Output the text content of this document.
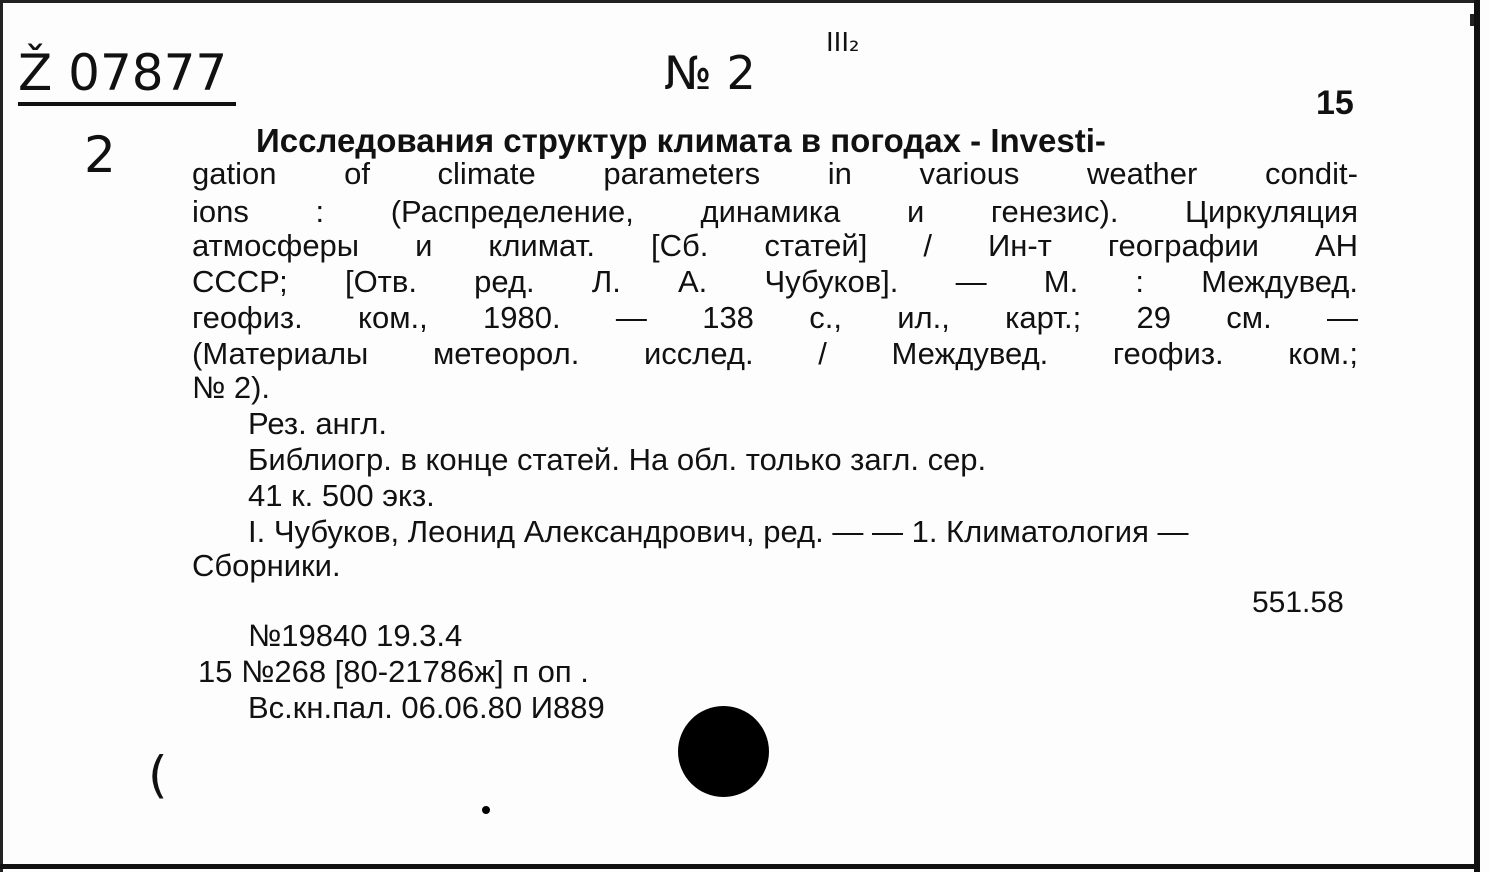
Ž 07877	№ 2
III₂
2
(
15
Исследования структур климата в погодах - Investi-
gation of climate parameters in various weather condit-
ions : (Распределение, динамика и генезис). Циркуляция
атмосферы и климат. [Сб. статей] / Ин-т географии АН
СССР; [Отв. ред. Л. А. Чубуков]. — М. : Междувед.
геофиз. ком., 1980. — 138 с., ил., карт.; 29 см. —
(Материалы метеорол. исслед. / Междувед. геофиз. ком.;
№ 2).
Рез. англ.
Библиогр. в конце статей. На обл. только загл. сер.
41 к. 500 экз.
I. Чубуков, Леонид Александрович, ред. — — 1. Климатология —
Сборники.
551.58
№19840 19.3.4
15 №268 [80-21786ж] п оп .
Вс.кн.пал. 06.06.80 И889
